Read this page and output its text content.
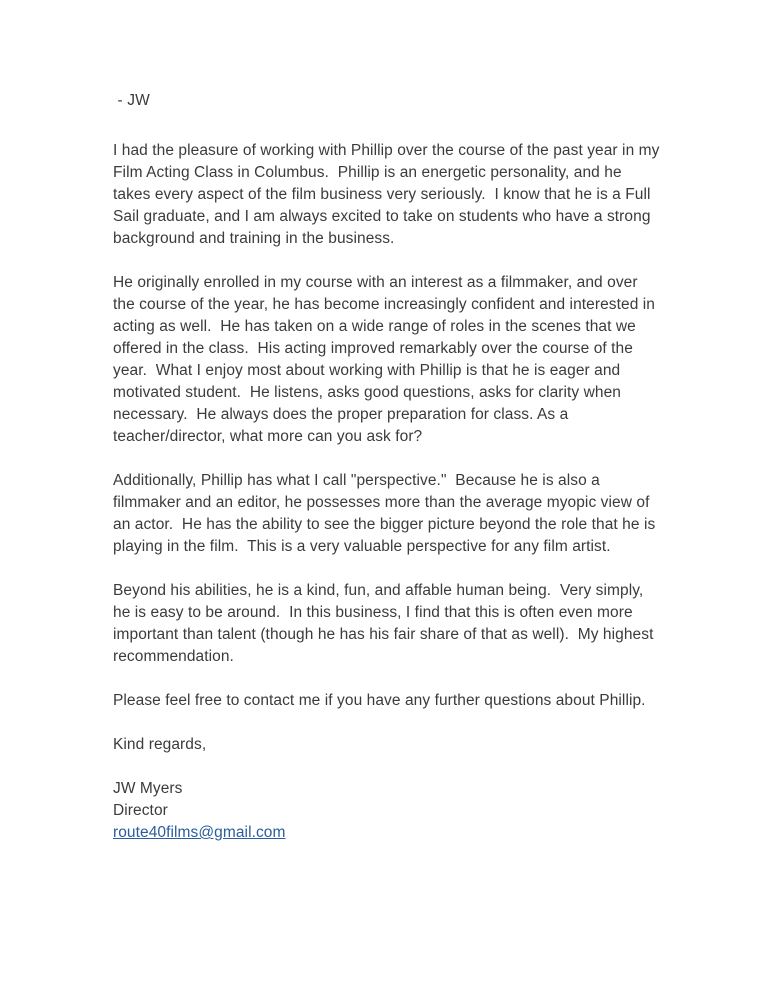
- JW

I had the pleasure of working with Phillip over the course of the past year in my Film Acting Class in Columbus.  Phillip is an energetic personality, and he takes every aspect of the film business very seriously.  I know that he is a Full Sail graduate, and I am always excited to take on students who have a strong background and training in the business.

He originally enrolled in my course with an interest as a filmmaker, and over the course of the year, he has become increasingly confident and interested in acting as well.  He has taken on a wide range of roles in the scenes that we offered in the class.  His acting improved remarkably over the course of the year.  What I enjoy most about working with Phillip is that he is eager and motivated student.  He listens, asks good questions, asks for clarity when necessary.  He always does the proper preparation for class. As a teacher/director, what more can you ask for?

Additionally, Phillip has what I call "perspective."  Because he is also a filmmaker and an editor, he possesses more than the average myopic view of an actor.  He has the ability to see the bigger picture beyond the role that he is playing in the film.  This is a very valuable perspective for any film artist.

Beyond his abilities, he is a kind, fun, and affable human being.  Very simply, he is easy to be around.  In this business, I find that this is often even more important than talent (though he has his fair share of that as well).  My highest recommendation.

Please feel free to contact me if you have any further questions about Phillip.

Kind regards,

JW Myers
Director
route40films@gmail.com
